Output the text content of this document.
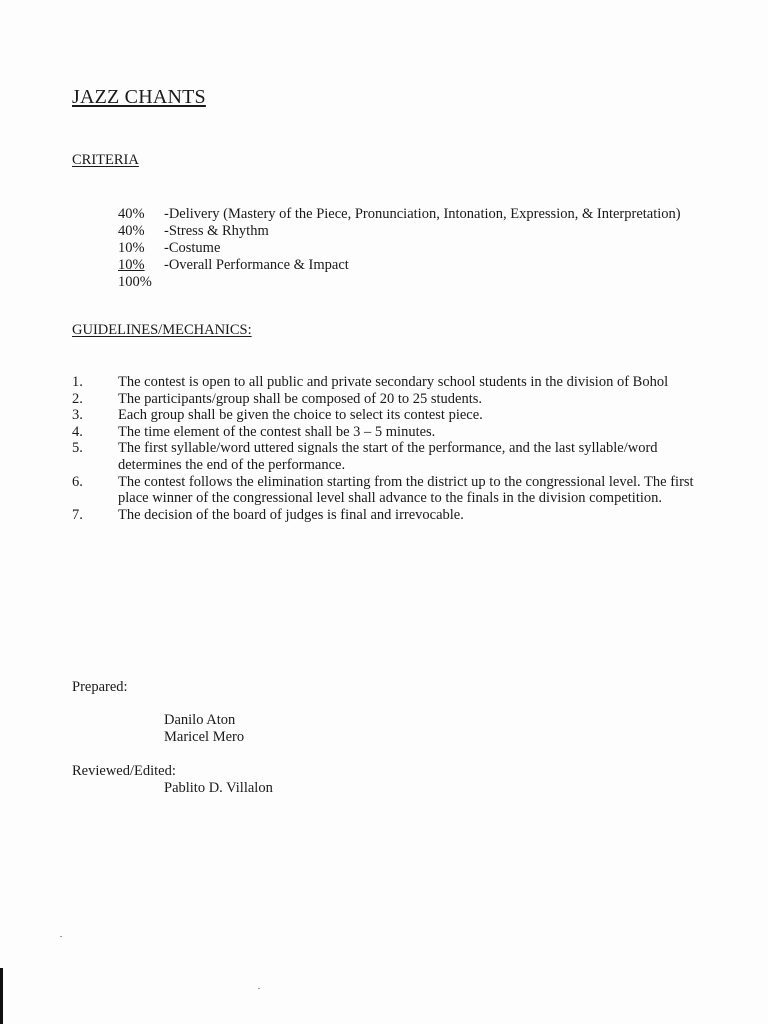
JAZZ CHANTS
CRITERIA
40%	-Delivery (Mastery of the Piece, Pronunciation, Intonation, Expression, & Interpretation)
40%	-Stress & Rhythm
10%	-Costume
10%	-Overall Performance & Impact
100%
GUIDELINES/MECHANICS:
1.	The contest is open to all public and private secondary school students in the division of Bohol
2.	The participants/group shall be composed of 20 to 25 students.
3.	Each group shall be given the choice to select its contest piece.
4.	The time element of the contest shall be 3 – 5 minutes.
5.	The first syllable/word uttered signals the start of the performance, and the last syllable/word determines the end of the performance.
6.	The contest follows the elimination starting from the district up to the congressional level. The first place winner of the congressional level shall advance to the finals in the division competition.
7.	The decision of the board of judges is final and irrevocable.
Prepared:
Danilo Aton
Maricel Mero
Reviewed/Edited:
Pablito D. Villalon
